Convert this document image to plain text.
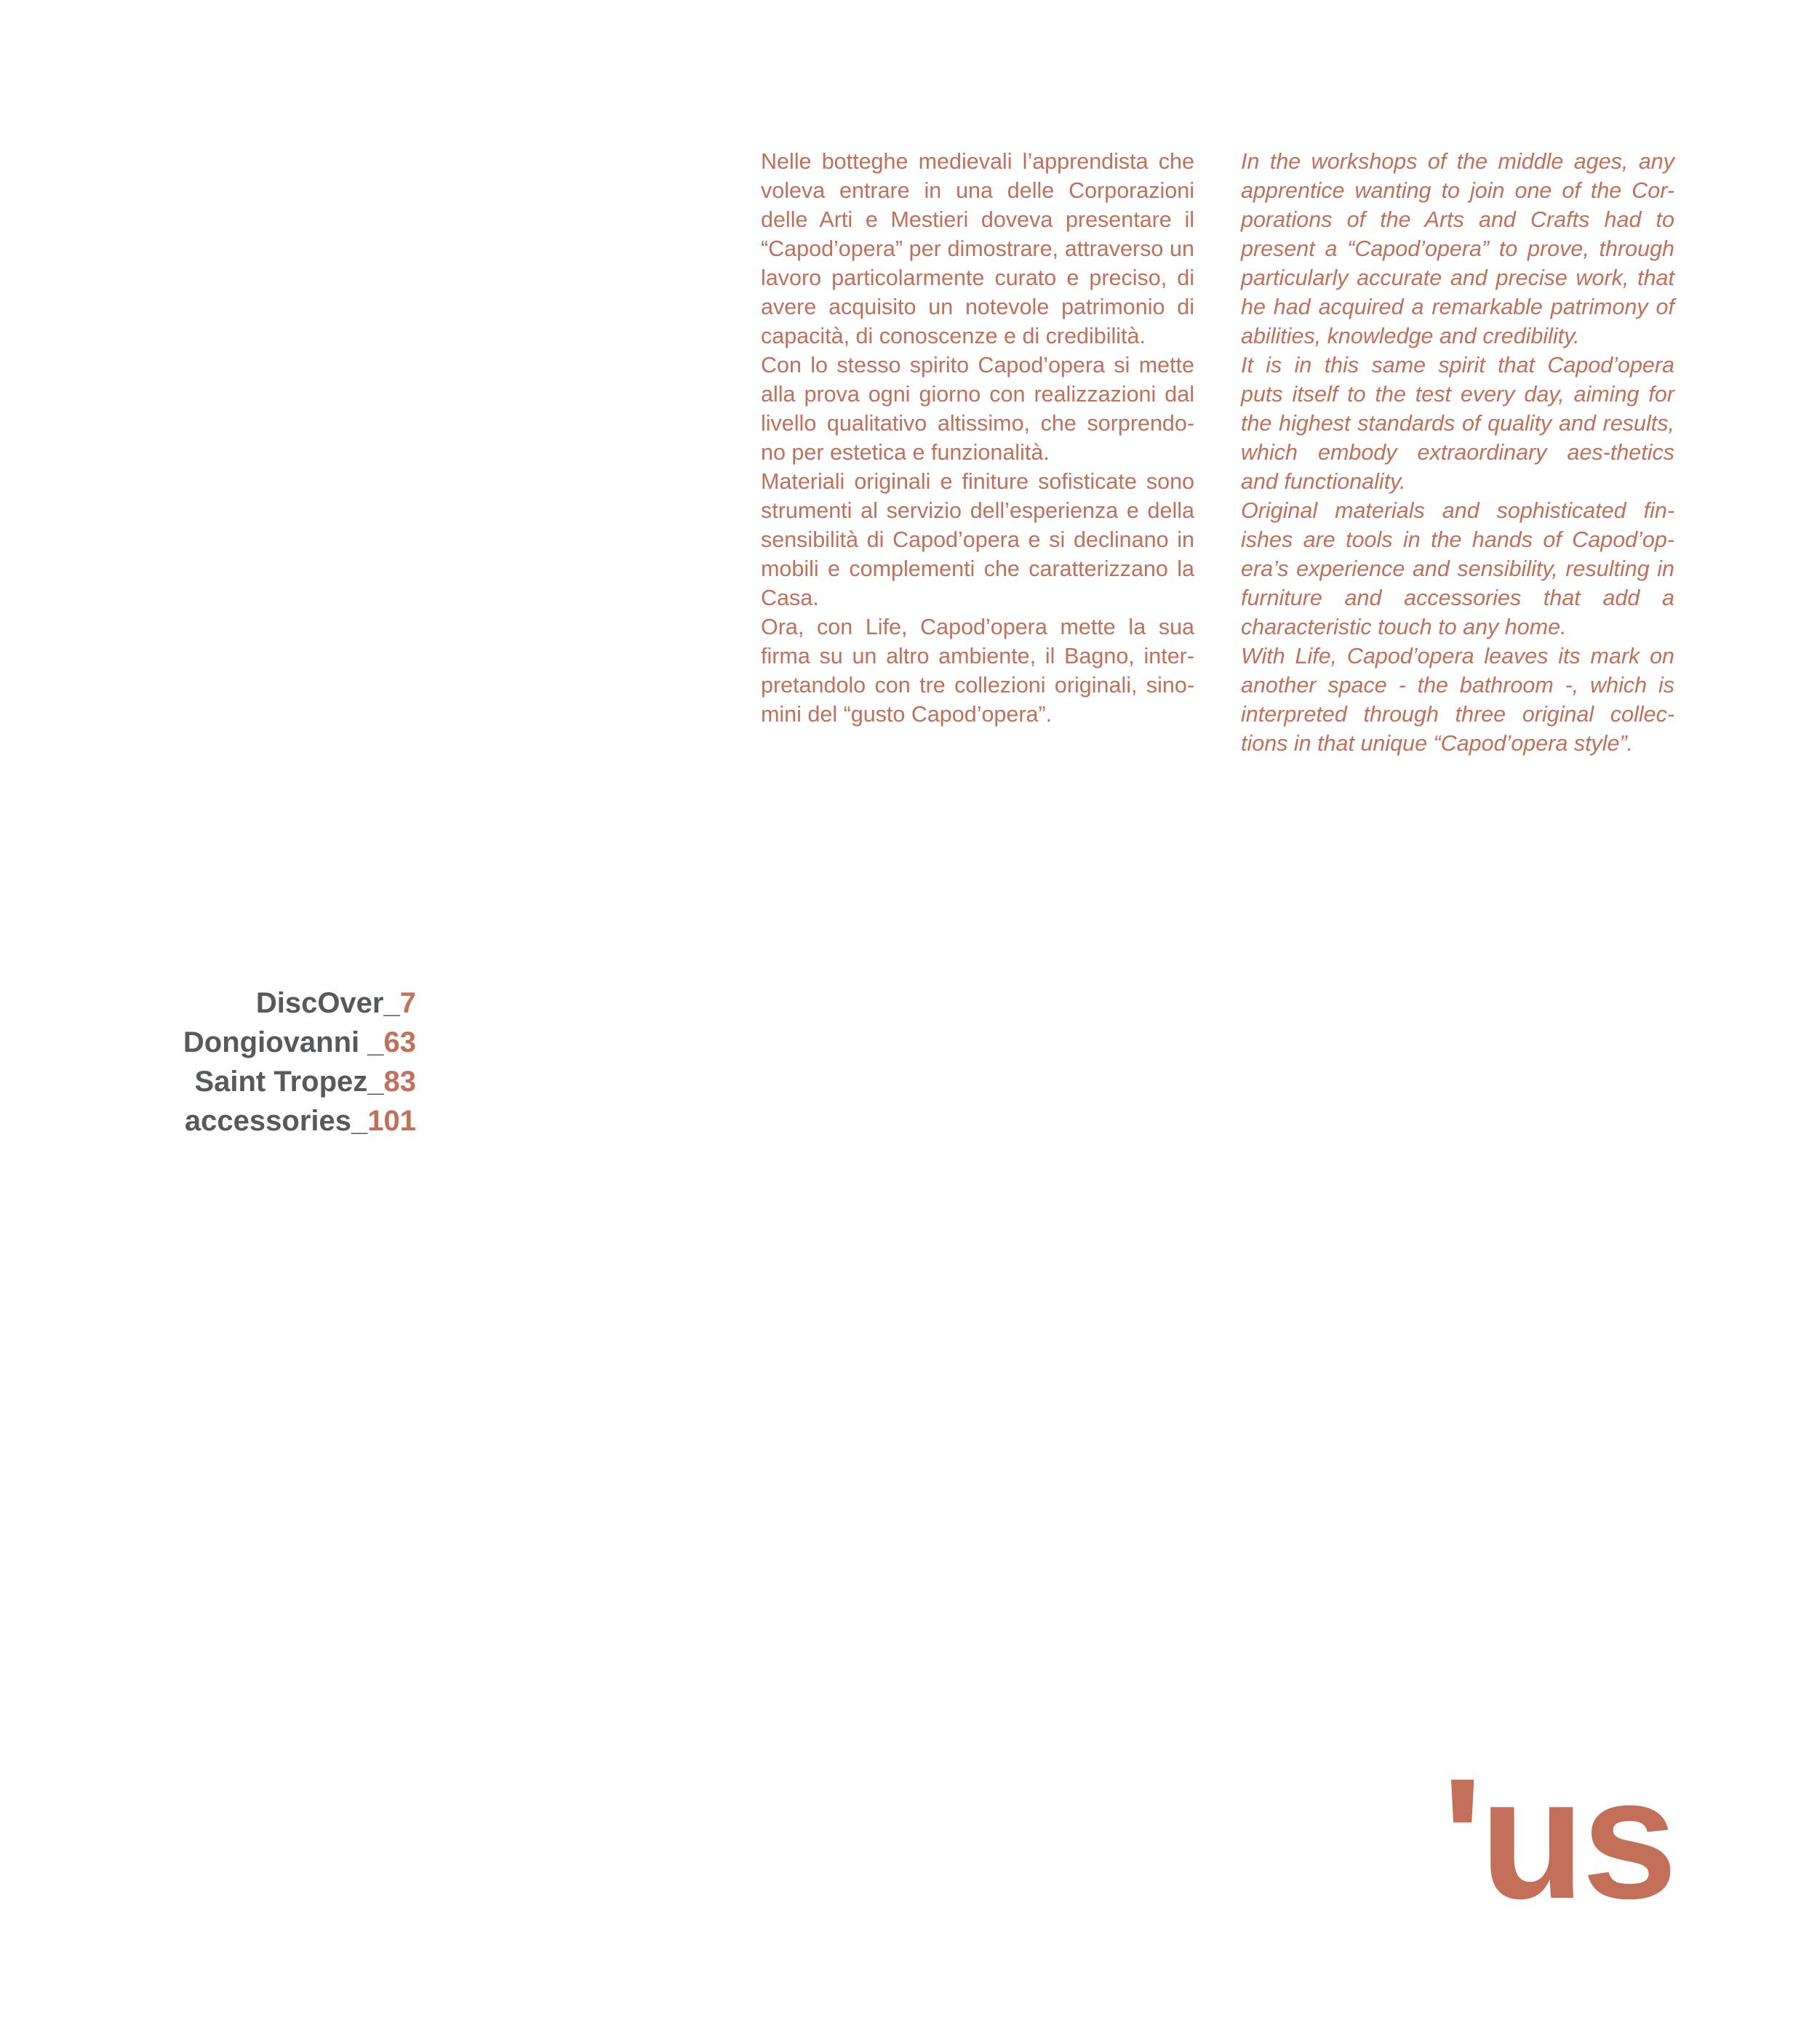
Nelle botteghe medievali l’apprendista che voleva entrare in una delle Corporazioni delle Arti e Mestieri doveva presentare il “Capod’opera” per dimostrare, attraverso un lavoro particolarmente curato e preciso, di avere acquisito un notevole patrimonio di capacità, di conoscenze e di credibilità.

Con lo stesso spirito Capod’opera si mette alla prova ogni giorno con realizzazioni dal livello qualitativo altissimo, che sorprendo-no per estetica e funzionalità.

Materiali originali e finiture sofisticate sono strumenti al servizio dell’esperienza e della sensibilità di Capod’opera e si declinano in mobili e complementi che caratterizzano la Casa.

Ora, con Life, Capod’opera mette la sua firma su un altro ambiente, il Bagno, inter-pretandolo con tre collezioni originali, sino-mini del “gusto Capod’opera”.

In the workshops of the middle ages, any apprentice wanting to join one of the Cor-porations of the Arts and Crafts had to present a “Capod’opera” to prove, through particularly accurate and precise work, that he had acquired a remarkable patrimony of abilities, knowledge and credibility.

It is in this same spirit that Capod’opera puts itself to the test every day, aiming for the highest standards of quality and results, which embody extraordinary aes-thetics and functionality.

Original materials and sophisticated fin-ishes are tools in the hands of Capod’op-era’s experience and sensibility, resulting in furniture and accessories that add a characteristic touch to any home.

With Life, Capod’opera leaves its mark on another space - the bathroom -, which is interpreted through three original collec-tions in that unique “Capod’opera style”.

DiscOver_7
Dongiovanni _63
Saint Tropez_83
accessories_101
'us
